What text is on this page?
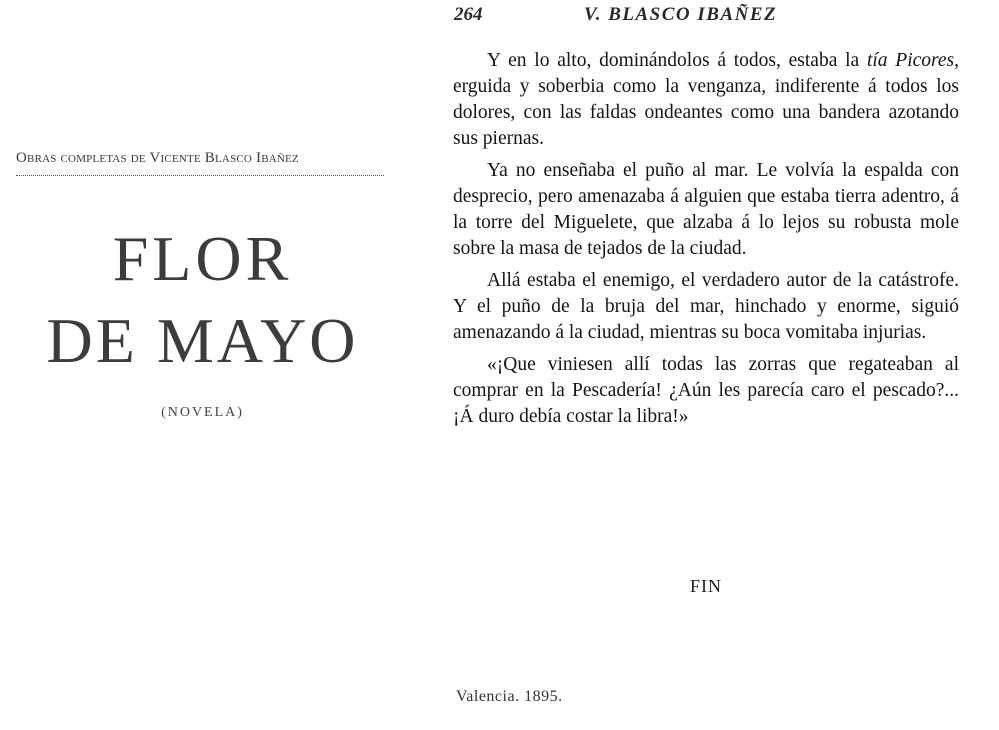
Obras completas de Vicente Blasco Ibañez
FLOR
DE MAYO
(NOVELA)
264	V. BLASCO IBAÑEZ

Y en lo alto, dominándolos á todos, estaba la tía Picores, erguida y soberbia como la venganza, indiferente á todos los dolores, con las faldas ondeantes como una bandera azotando sus piernas.

Ya no enseñaba el puño al mar. Le volvía la espalda con desprecio, pero amenazaba á alguien que estaba tierra adentro, á la torre del Miguelete, que alzaba á lo lejos su robusta mole sobre la masa de tejados de la ciudad.

Allá estaba el enemigo, el verdadero autor de la catástrofe. Y el puño de la bruja del mar, hinchado y enorme, siguió amenazando á la ciudad, mientras su boca vomitaba injurias.

«¡Que viniesen allí todas las zorras que regateaban al comprar en la Pescadería! ¿Aún les parecía caro el pescado?... ¡Á duro debía costar la libra!»

FIN
Valencia. 1895.
